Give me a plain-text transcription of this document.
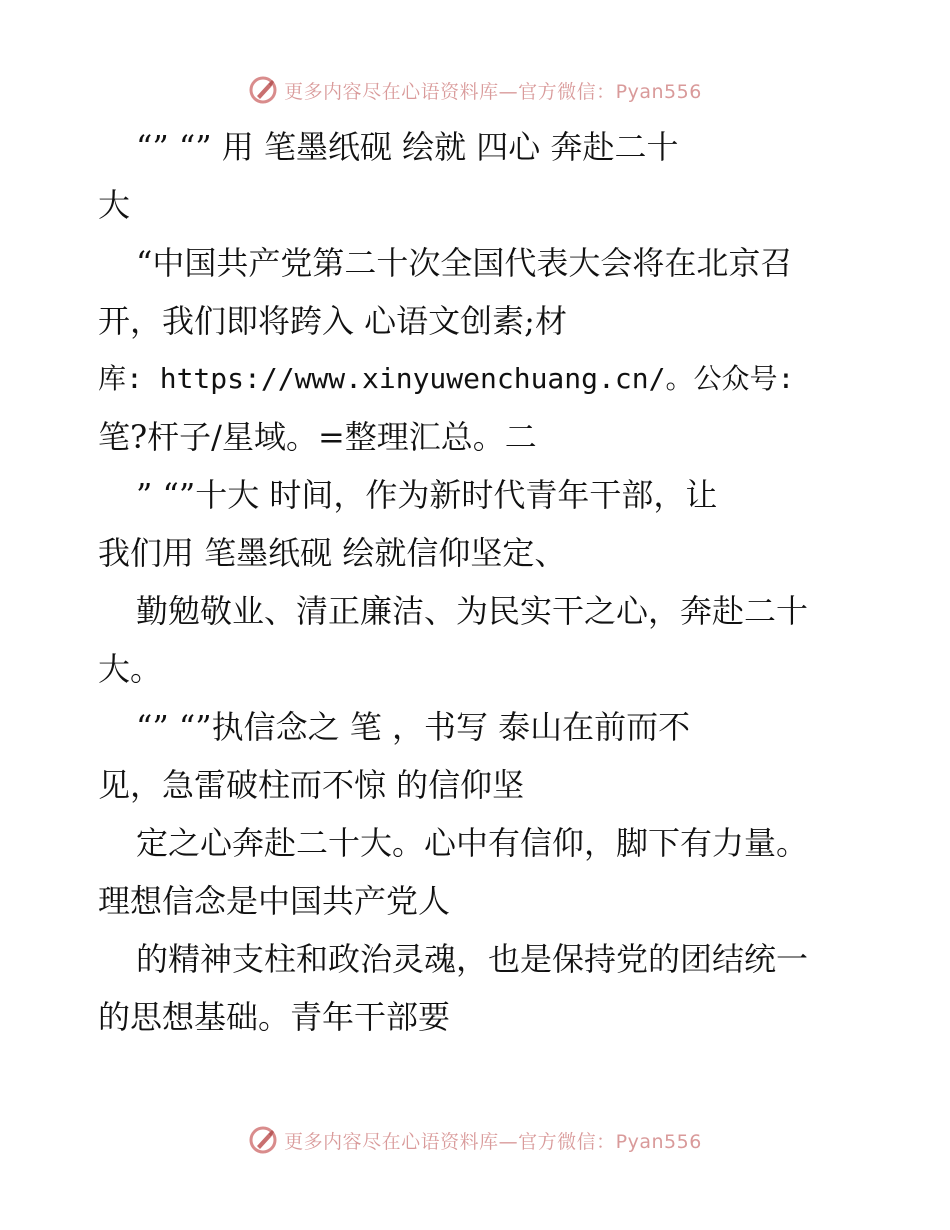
更多内容尽在心语资料库—官方微信：Pyan556
“” “” 用 笔墨纸砚 绘就 四心 奔赴二十
大
“中国共产党第二十次全国代表大会将在北京召
开，我们即将跨入 心语文创素;材
库: https://www.xinyuwenchuang.cn/。公众号:
笔?杆子/星域。=整理汇总。二
” “”十大 时间，作为新时代青年干部，让
我们用 笔墨纸砚 绘就信仰坚定、
勤勉敬业、清正廉洁、为民实干之心，奔赴二十
大。
“” “”执信念之 笔 ，书写 泰山在前而不
见，急雷破柱而不惊 的信仰坚
定之心奔赴二十大。心中有信仰，脚下有力量。
理想信念是中国共产党人
的精神支柱和政治灵魂，也是保持党的团结统一
的思想基础。青年干部要
更多内容尽在心语资料库—官方微信：Pyan556
